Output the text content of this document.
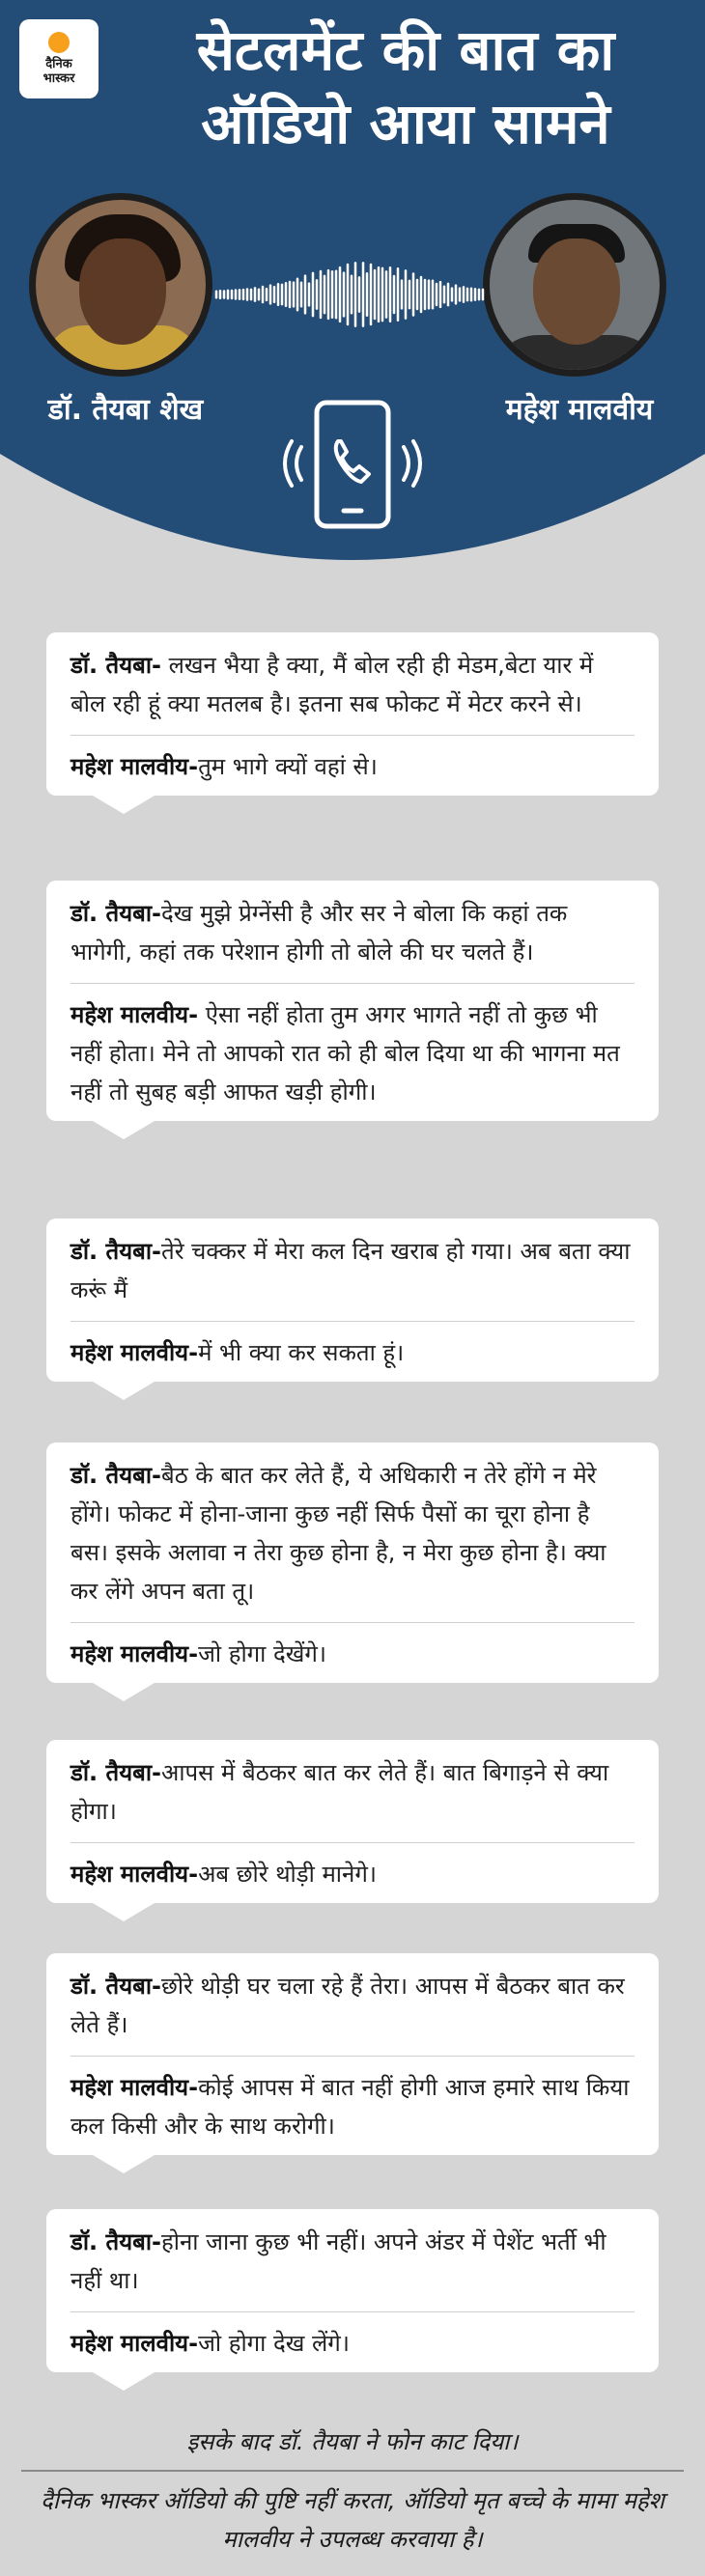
दैनिक
भास्कर	सेटलमेंट की बात का
ऑडियो आया सामने
डॉ. तैयबा शेख	महेश मालवीय
डॉ. तैयबा- लखन भैया है क्या, मैं बोल रही ही मेडम,बेटा यार में बोल रही हूं क्या मतलब है। इतना सब फोकट में मेटर करने से।
महेश मालवीय-तुम भागे क्यों वहां से।
डॉ. तैयबा-देख मुझे प्रेग्नेंसी है और सर ने बोला कि कहां तक भागेगी, कहां तक परेशान होगी तो बोले की घर चलते हैं।
महेश मालवीय- ऐसा नहीं होता तुम अगर भागते नहीं तो कुछ भी नहीं होता। मेने तो आपको रात को ही बोल दिया था की भागना मत नहीं तो सुबह बड़ी आफत खड़ी होगी।
डॉ. तैयबा-तेरे चक्कर में मेरा कल दिन खराब हो गया। अब बता क्या करूं मैं
महेश मालवीय-में भी क्या कर सकता हूं।
डॉ. तैयबा-बैठ के बात कर लेते हैं, ये अधिकारी न तेरे होंगे न मेरे होंगे। फोकट में होना-जाना कुछ नहीं सिर्फ पैसों का चूरा होना है बस। इसके अलावा न तेरा कुछ होना है, न मेरा कुछ होना है। क्या कर लेंगे अपन बता तू।
महेश मालवीय-जो होगा देखेंगे।
डॉ. तैयबा-आपस में बैठकर बात कर लेते हैं। बात बिगाड़ने से क्या होगा।
महेश मालवीय-अब छोरे थोड़ी मानेगे।
डॉ. तैयबा-छोरे थोड़ी घर चला रहे हैं तेरा। आपस में बैठकर बात कर लेते हैं।
महेश मालवीय-कोई आपस में बात नहीं होगी आज हमारे साथ किया कल किसी और के साथ करोगी।
डॉ. तैयबा-होना जाना कुछ भी नहीं। अपने अंडर में पेशेंट भर्ती भी नहीं था।
महेश मालवीय-जो होगा देख लेंगे।
इसके बाद डॉ. तैयबा ने फोन काट दिया।
दैनिक भास्कर ऑडियो की पुष्टि नहीं करता, ऑडियो मृत बच्चे के मामा महेश मालवीय ने उपलब्ध करवाया है।
